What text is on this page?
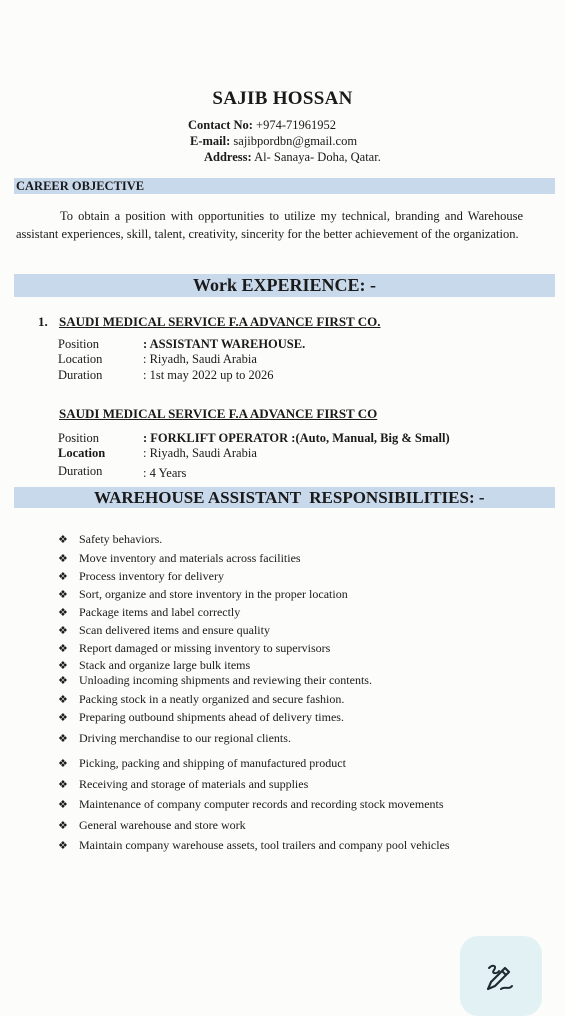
SAJIB HOSSAN
Contact No: +974-71961952
E-mail: sajibpordbn@gmail.com
Address: Al- Sanaya- Doha, Qatar.
CAREER OBJECTIVE
To obtain a position with opportunities to utilize my technical, branding and Warehouse assistant experiences, skill, talent, creativity, sincerity for the better achievement of the organization.
Work EXPERIENCE: -
1. SAUDI MEDICAL SERVICE F.A ADVANCE FIRST CO.
Position	: ASSISTANT WAREHOUSE.
Location	: Riyadh, Saudi Arabia
Duration	: 1st may 2022 up to 2026
SAUDI MEDICAL SERVICE F.A ADVANCE FIRST CO
Position	: FORKLIFT OPERATOR :(Auto, Manual, Big & Small)
Location	: Riyadh, Saudi Arabia
Duration	: 4 Years
WAREHOUSE ASSISTANT  RESPONSIBILITIES: -
❖ Safety behaviors.
❖ Move inventory and materials across facilities
❖ Process inventory for delivery
❖ Sort, organize and store inventory in the proper location
❖ Package items and label correctly
❖ Scan delivered items and ensure quality
❖ Report damaged or missing inventory to supervisors
❖ Stack and organize large bulk items
❖ Unloading incoming shipments and reviewing their contents.
❖ Packing stock in a neatly organized and secure fashion.
❖ Preparing outbound shipments ahead of delivery times.
❖ Driving merchandise to our regional clients.
❖ Picking, packing and shipping of manufactured product
❖ Receiving and storage of materials and supplies
❖ Maintenance of company computer records and recording stock movements
❖ General warehouse and store work
❖ Maintain company warehouse assets, tool trailers and company pool vehicles
